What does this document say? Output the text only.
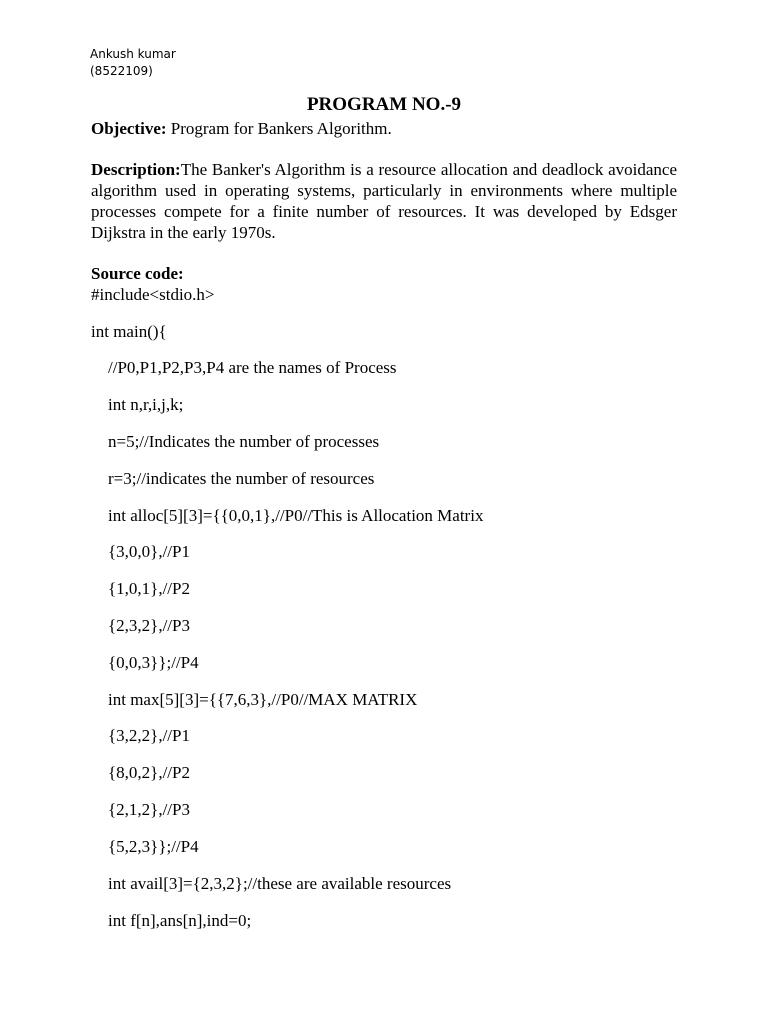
Ankush kumar
(8522109)
PROGRAM NO.-9
Objective: Program for Bankers Algorithm.

Description:The Banker's Algorithm is a resource allocation and deadlock avoidance algorithm used in operating systems, particularly in environments where multiple processes compete for a finite number of resources. It was developed by Edsger Dijkstra in the early 1970s.

Source code:
#include<stdio.h>
int main(){
//P0,P1,P2,P3,P4 are the names of Process
int n,r,i,j,k;
n=5;//Indicates the number of processes
r=3;//indicates the number of resources
int alloc[5][3]={{0,0,1},//P0//This is Allocation Matrix
{3,0,0},//P1
{1,0,1},//P2
{2,3,2},//P3
{0,0,3}};//P4
int max[5][3]={{7,6,3},//P0//MAX MATRIX
{3,2,2},//P1
{8,0,2},//P2
{2,1,2},//P3
{5,2,3}};//P4
int avail[3]={2,3,2};//these are available resources
int f[n],ans[n],ind=0;
